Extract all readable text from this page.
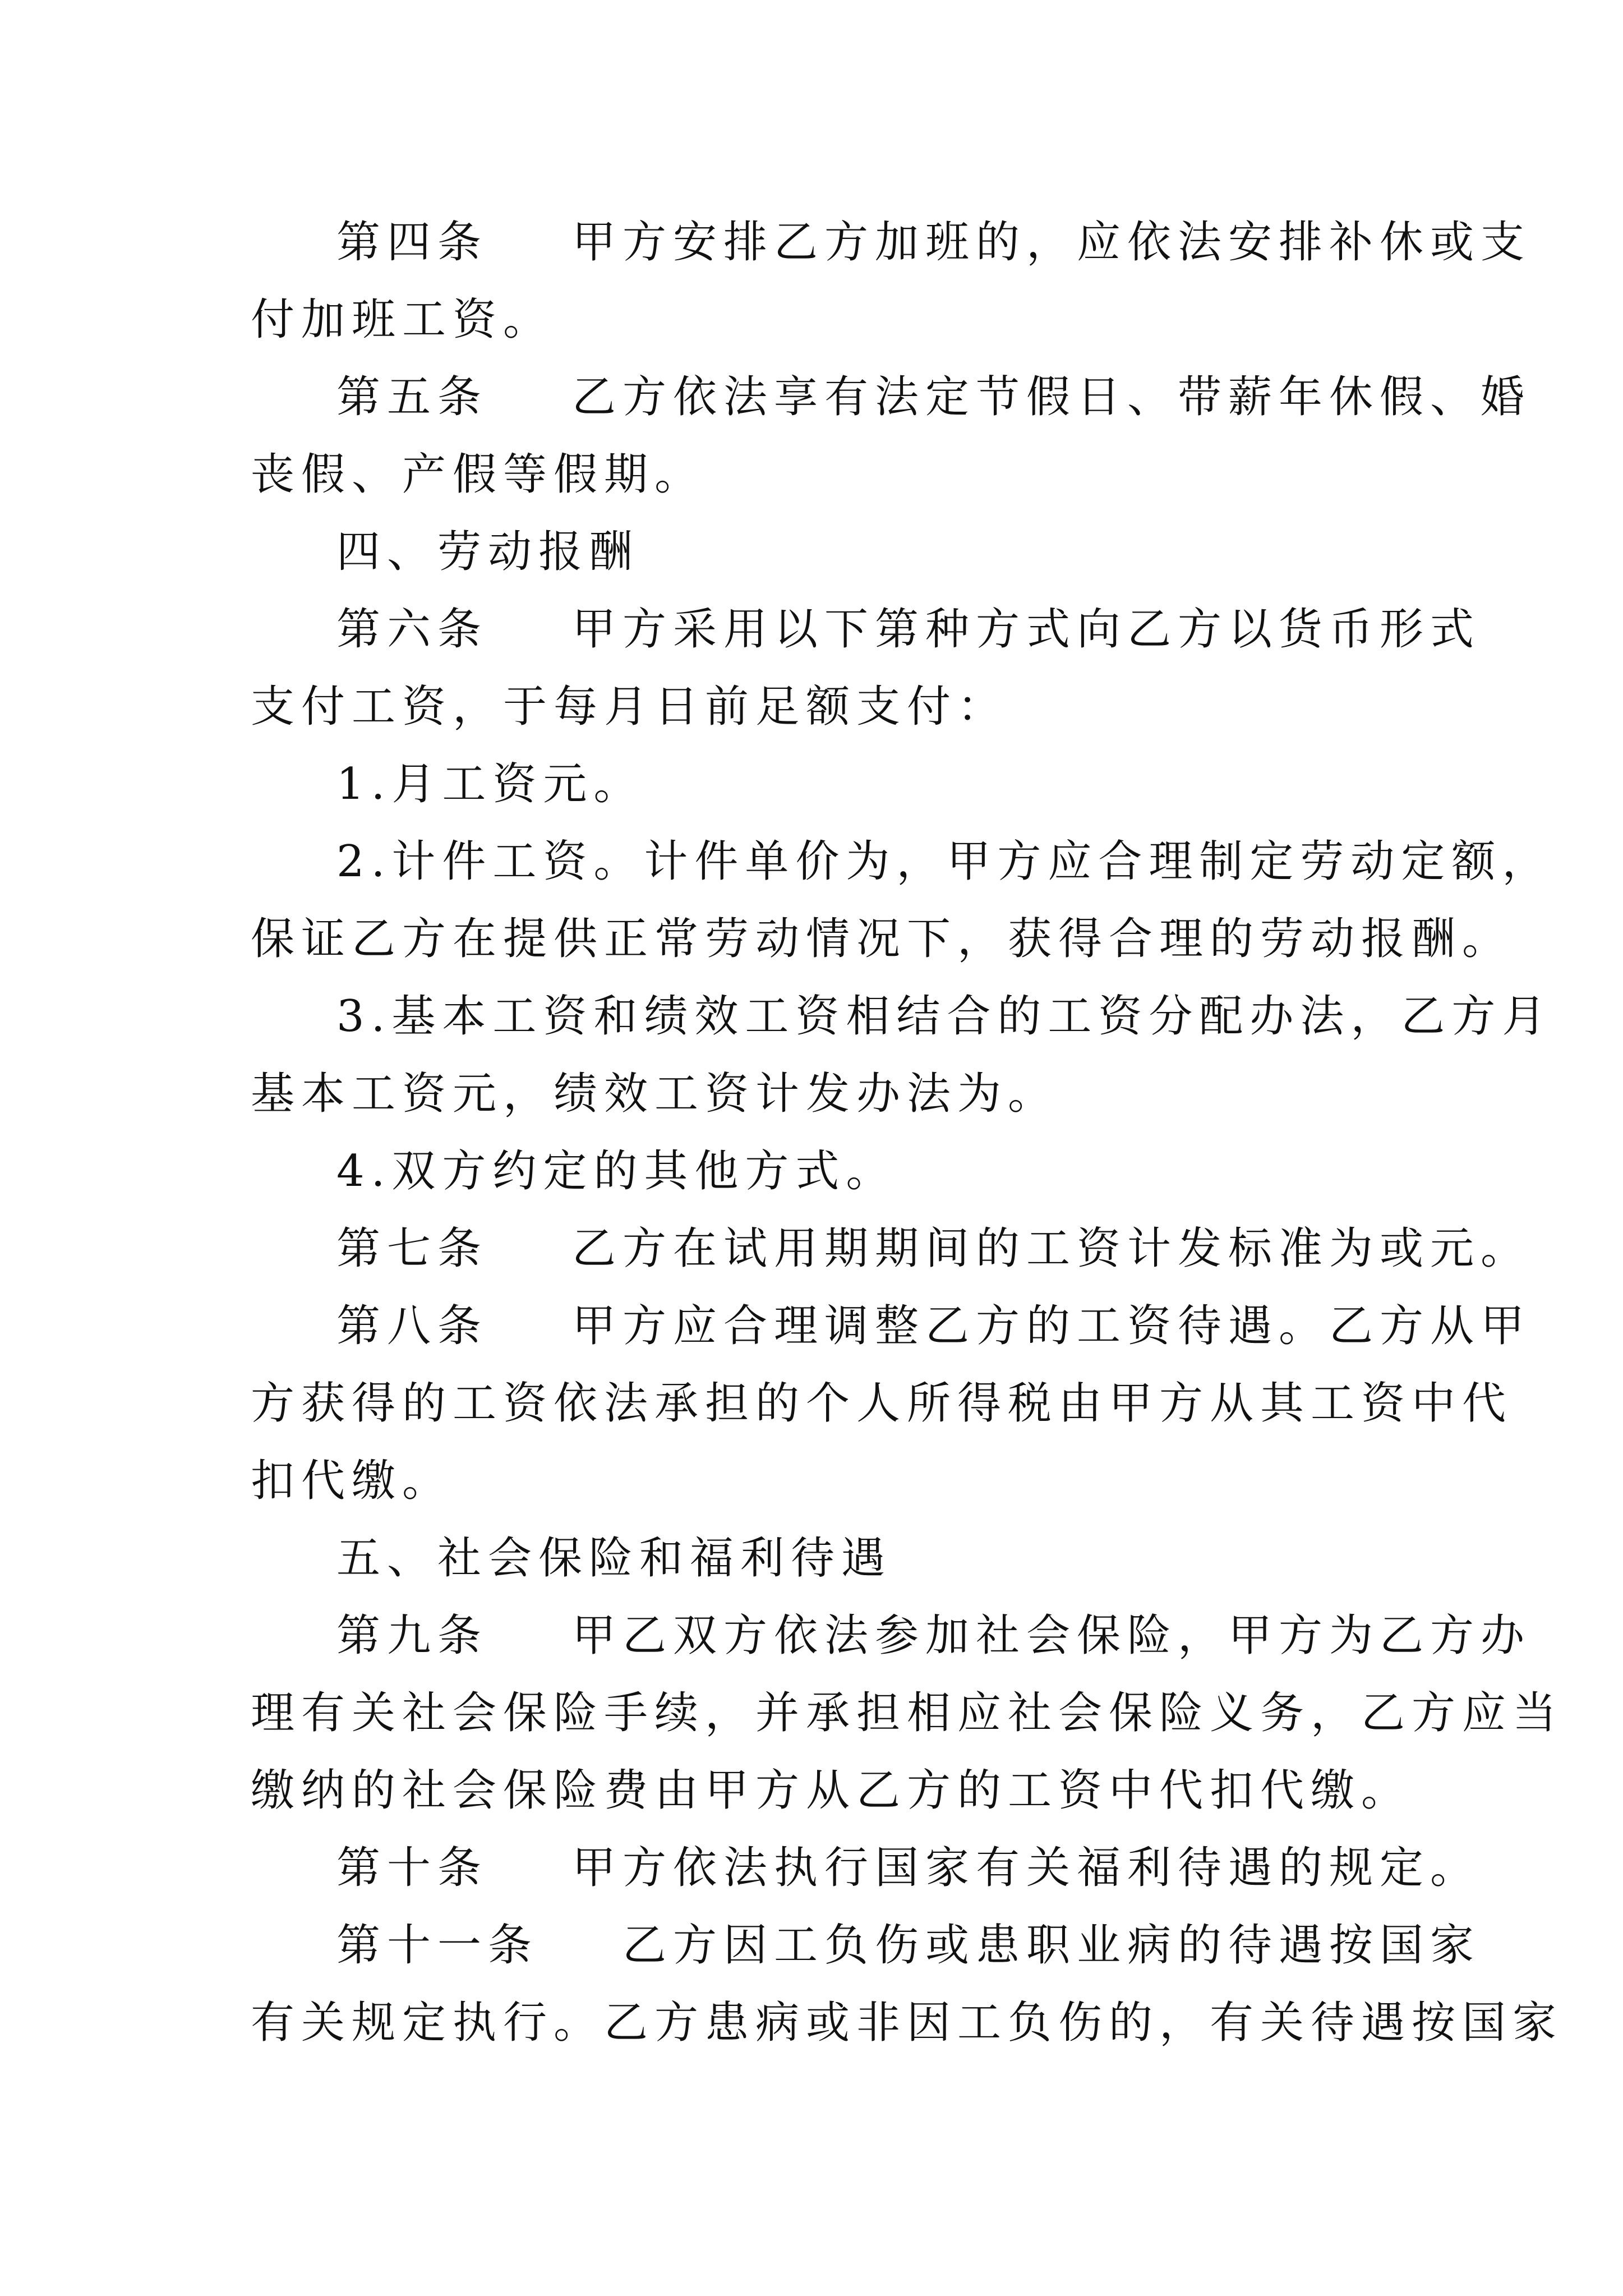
第四条 甲方安排乙方加班的，应依法安排补休或支
付加班工资。
第五条 乙方依法享有法定节假日、带薪年休假、婚
丧假、产假等假期。
四、劳动报酬
第六条 甲方采用以下第种方式向乙方以货币形式
支付工资，于每月日前足额支付：
1.月工资元。
2.计件工资。计件单价为，甲方应合理制定劳动定额，
保证乙方在提供正常劳动情况下，获得合理的劳动报酬。
3.基本工资和绩效工资相结合的工资分配办法，乙方月
基本工资元，绩效工资计发办法为。
4.双方约定的其他方式。
第七条 乙方在试用期期间的工资计发标准为或元。
第八条 甲方应合理调整乙方的工资待遇。乙方从甲
方获得的工资依法承担的个人所得税由甲方从其工资中代
扣代缴。
五、社会保险和福利待遇
第九条 甲乙双方依法参加社会保险，甲方为乙方办
理有关社会保险手续，并承担相应社会保险义务，乙方应当
缴纳的社会保险费由甲方从乙方的工资中代扣代缴。
第十条 甲方依法执行国家有关福利待遇的规定。
第十一条 乙方因工负伤或患职业病的待遇按国家
有关规定执行。乙方患病或非因工负伤的，有关待遇按国家
